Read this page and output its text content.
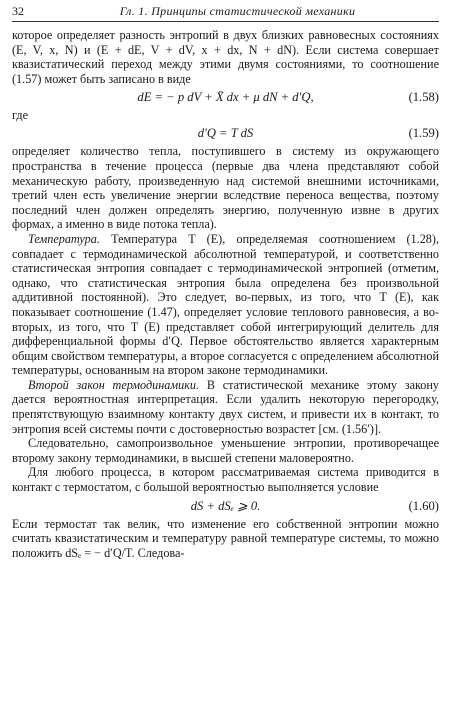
32	Гл. 1. Принципы статистической механики

которое определяет разность энтропий в двух близких равновесных состояниях (E, V, x, N) и (E + dE, V + dV, x + dx, N + dN). Если система совершает квазистатический переход между этими двумя состояниями, то соотношение (1.57) может быть записано в виде

dE = − p dV + X̄ dx + μ dN + d′Q,	(1.58)

где

d′Q = T dS	(1.59)

определяет количество тепла, поступившего в систему из окружающего пространства в течение процесса (первые два члена представляют собой механическую работу, произведенную над системой внешними источниками, третий член есть увеличение энергии вследствие переноса вещества, поэтому последний член должен определять энергию, полученную извне в других формах, а именно в виде потока тепла).

Температура. Температура T (E), определяемая соотношением (1.28), совпадает с термодинамической абсолютной температурой, и соответственно статистическая энтропия совпадает с термодинамической энтропией (отметим, однако, что статистическая энтропия была определена без произвольной аддитивной постоянной). Это следует, во-первых, из того, что T (E), как показывает соотношение (1.47), определяет условие теплового равновесия, а во-вторых, из того, что T (E) представляет собой интегрирующий делитель для дифференциальной формы d′Q. Первое обстоятельство является характерным общим свойством температуры, а второе согласуется с определением абсолютной температуры, основанным на втором законе термодинамики.

Второй закон термодинамики. В статистической механике этому закону дается вероятностная интерпретация. Если удалить некоторую перегородку, препятствующую взаимному контакту двух систем, и привести их в контакт, то энтропия всей системы почти с достоверностью возрастет [см. (1.56′)].

Следовательно, самопроизвольное уменьшение энтропии, противоречащее второму закону термодинамики, в высшей степени маловероятно.

Для любого процесса, в котором рассматриваемая система приводится в контакт с термостатом, с большой вероятностью выполняется условие

dS + dSₑ ⩾ 0.	(1.60)

Если термостат так велик, что изменение его собственной энтропии можно считать квазистатическим и температуру равной температуре системы, то можно положить dSₑ = − d′Q/T. Следова-
